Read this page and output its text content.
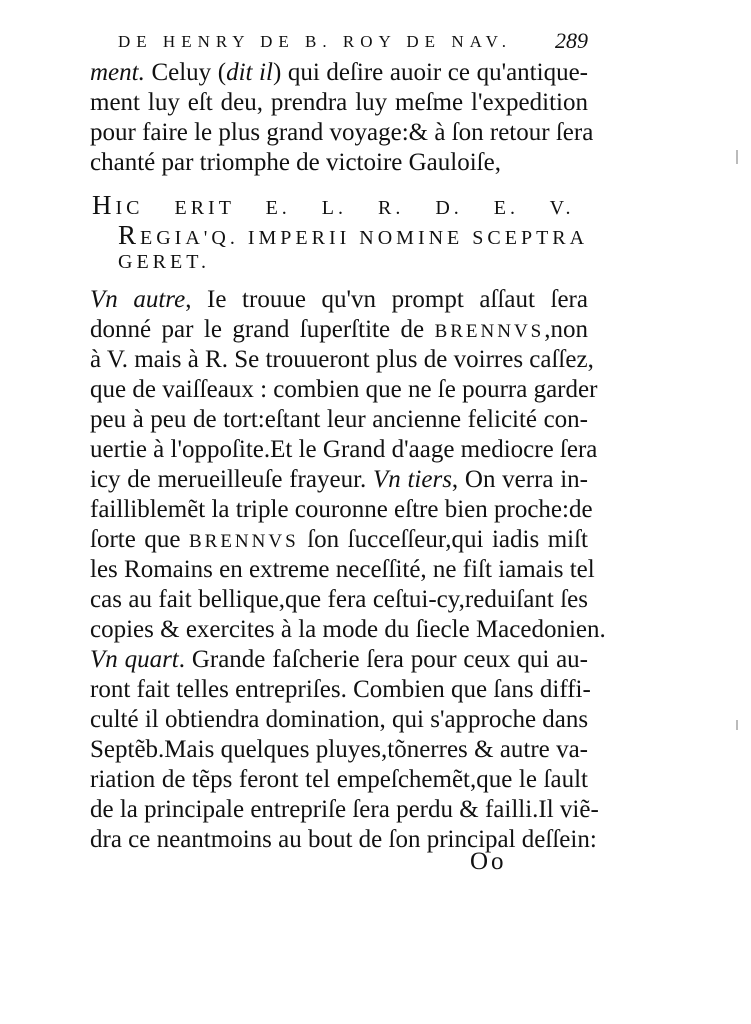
DE HENRY DE B. ROY DE NAV. 289
ment. Celuy (dit il) qui deſire auoir ce qu'antique-
ment luy eſt deu, prendra luy meſme l'expedition
pour faire le plus grand voyage:& à ſon retour ſera
chanté par triomphe de victoire Gauloiſe,
HIC ERIT E. L. R. D. E. V.
REGIA'Q. IMPERII NOMINE SCEPTRA
GERET.
Vn autre, Ie trouue qu'vn prompt aſſaut ſera
donné par le grand ſuperſtite de BRENNVS,non
à V. mais à R. Se trouueront plus de voirres caſſez,
que de vaiſſeaux : combien que ne ſe pourra garder
peu à peu de tort:eſtant leur ancienne felicité con-
uertie à l'oppoſite.Et le Grand d'aage mediocre ſera
icy de merueilleuſe frayeur. Vn tiers, On verra in-
failliblemẽt la triple couronne eſtre bien proche:de
ſorte que BRENNVS ſon ſucceſſeur,qui iadis miſt
les Romains en extreme neceſſité, ne fiſt iamais tel
cas au fait bellique,que fera ceſtui-cy,reduiſant ſes
copies & exercites à la mode du ſiecle Macedonien.
Vn quart. Grande faſcherie ſera pour ceux qui au-
ront fait telles entrepriſes. Combien que ſans diffi-
culté il obtiendra domination, qui s'approche dans
Septẽb.Mais quelques pluyes,tõnerres & autre va-
riation de tẽps feront tel empeſchemẽt,que le ſault
de la principale entrepriſe ſera perdu & failli.Il viẽ-
dra ce neantmoins au bout de ſon principal deſſein:
Oo
